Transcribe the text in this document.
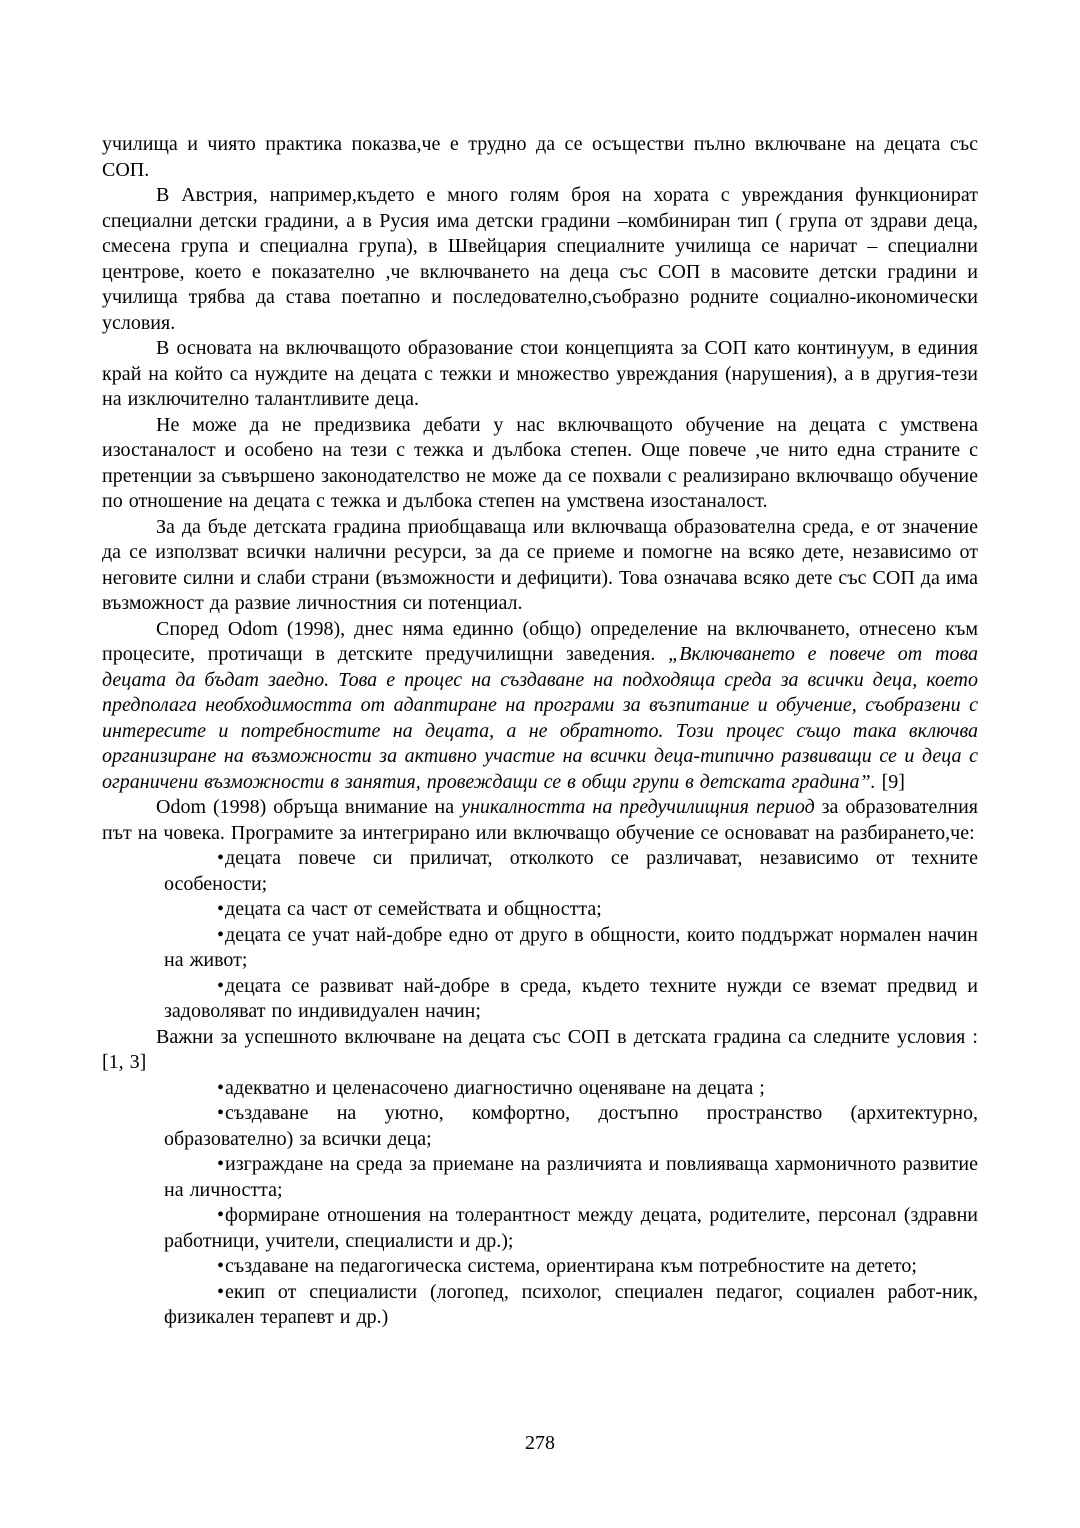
училища и чиято практика показва,че е трудно да се осъществи пълно включване на децата със СОП.

В Австрия, например,където е много голям броя на хората с увреждания функционират специални детски градини, а в Русия има детски градини –комбиниран тип ( група от здрави деца, смесена група и специална група), в Швейцария специалните училища се наричат – специални центрове, което е показателно ,че включването на деца със СОП в масовите детски градини и училища трябва да става поетапно и последователно,съобразно родните социално-икономически условия.

В основата на включващото образование стои концепцията за СОП като континуум, в единия край на който са нуждите на децата с тежки и множество увреждания (нарушения), а в другия-тези на изключително талантливите деца.

Не може да не предизвика дебати у нас включващото обучение на децата с умствена изостаналост и особено на тези с тежка и дълбока степен. Още повече ,че нито една страните с претенции за съвършено законодателство не може да се похвали с реализирано включващо обучение по отношение на децата с тежка и дълбока степен на умствена изостаналост.

За да бъде детската градина приобщаваща или включваща образователна среда, е от значение да се използват всички налични ресурси, за да се приеме и помогне на всяко дете, независимо от неговите силни и слаби страни (възможности и дефицити). Това означава всяко дете със СОП да има възможност да развие личностния си потенциал.

Според Odom (1998), днес няма единно (общо) определение на включването, отнесено към процесите, протичащи в детските предучилищни заведения. „Включването е повече от това децата да бъдат заедно. Това е процес на създаване на подходяща среда за всички деца, което предполага необходимостта от адаптиране на програми за възпитание и обучение, съобразени с интересите и потребностите на децата, а не обратното. Този процес също така включва организиране на възможности за активно участие на всички деца-типично развиващи се и деца с ограничени възможности в занятия, провеждащи се в общи групи в детската градина”. [9]

Odom (1998) обръща внимание на уникалността на предучилищния период за образователния път на човека. Програмите за интегрирано или включващо обучение се основават на разбирането,че:

•децата повече си приличат, отколкото се различават, независимо от техните особености;

•децата са част от семействата и общността;

•децата се учат най-добре едно от друго в общности, които поддържат нормален начин на живот;

•децата се развиват най-добре в среда, където техните нужди се вземат предвид и задоволяват по индивидуален начин;

Важни за успешното включване на децата със СОП в детската градина са следните условия : [1, 3]

•адекватно и целенасочено диагностично оценяване на децата ;

•създаване на уютно, комфортно, достъпно пространство (архитектурно, образователно) за всички деца;

•изграждане на среда за приемане на различията и повлияваща хармоничното развитие на личността;

•формиране отношения на толерантност между децата, родителите, персонал (здравни работници, учители, специалисти и др.);

•създаване на педагогическа система, ориентирана към потребностите на детето;

•екип от специалисти (логопед, психолог, специален педагог, социален работ-ник, физикален терапевт и др.)

278
